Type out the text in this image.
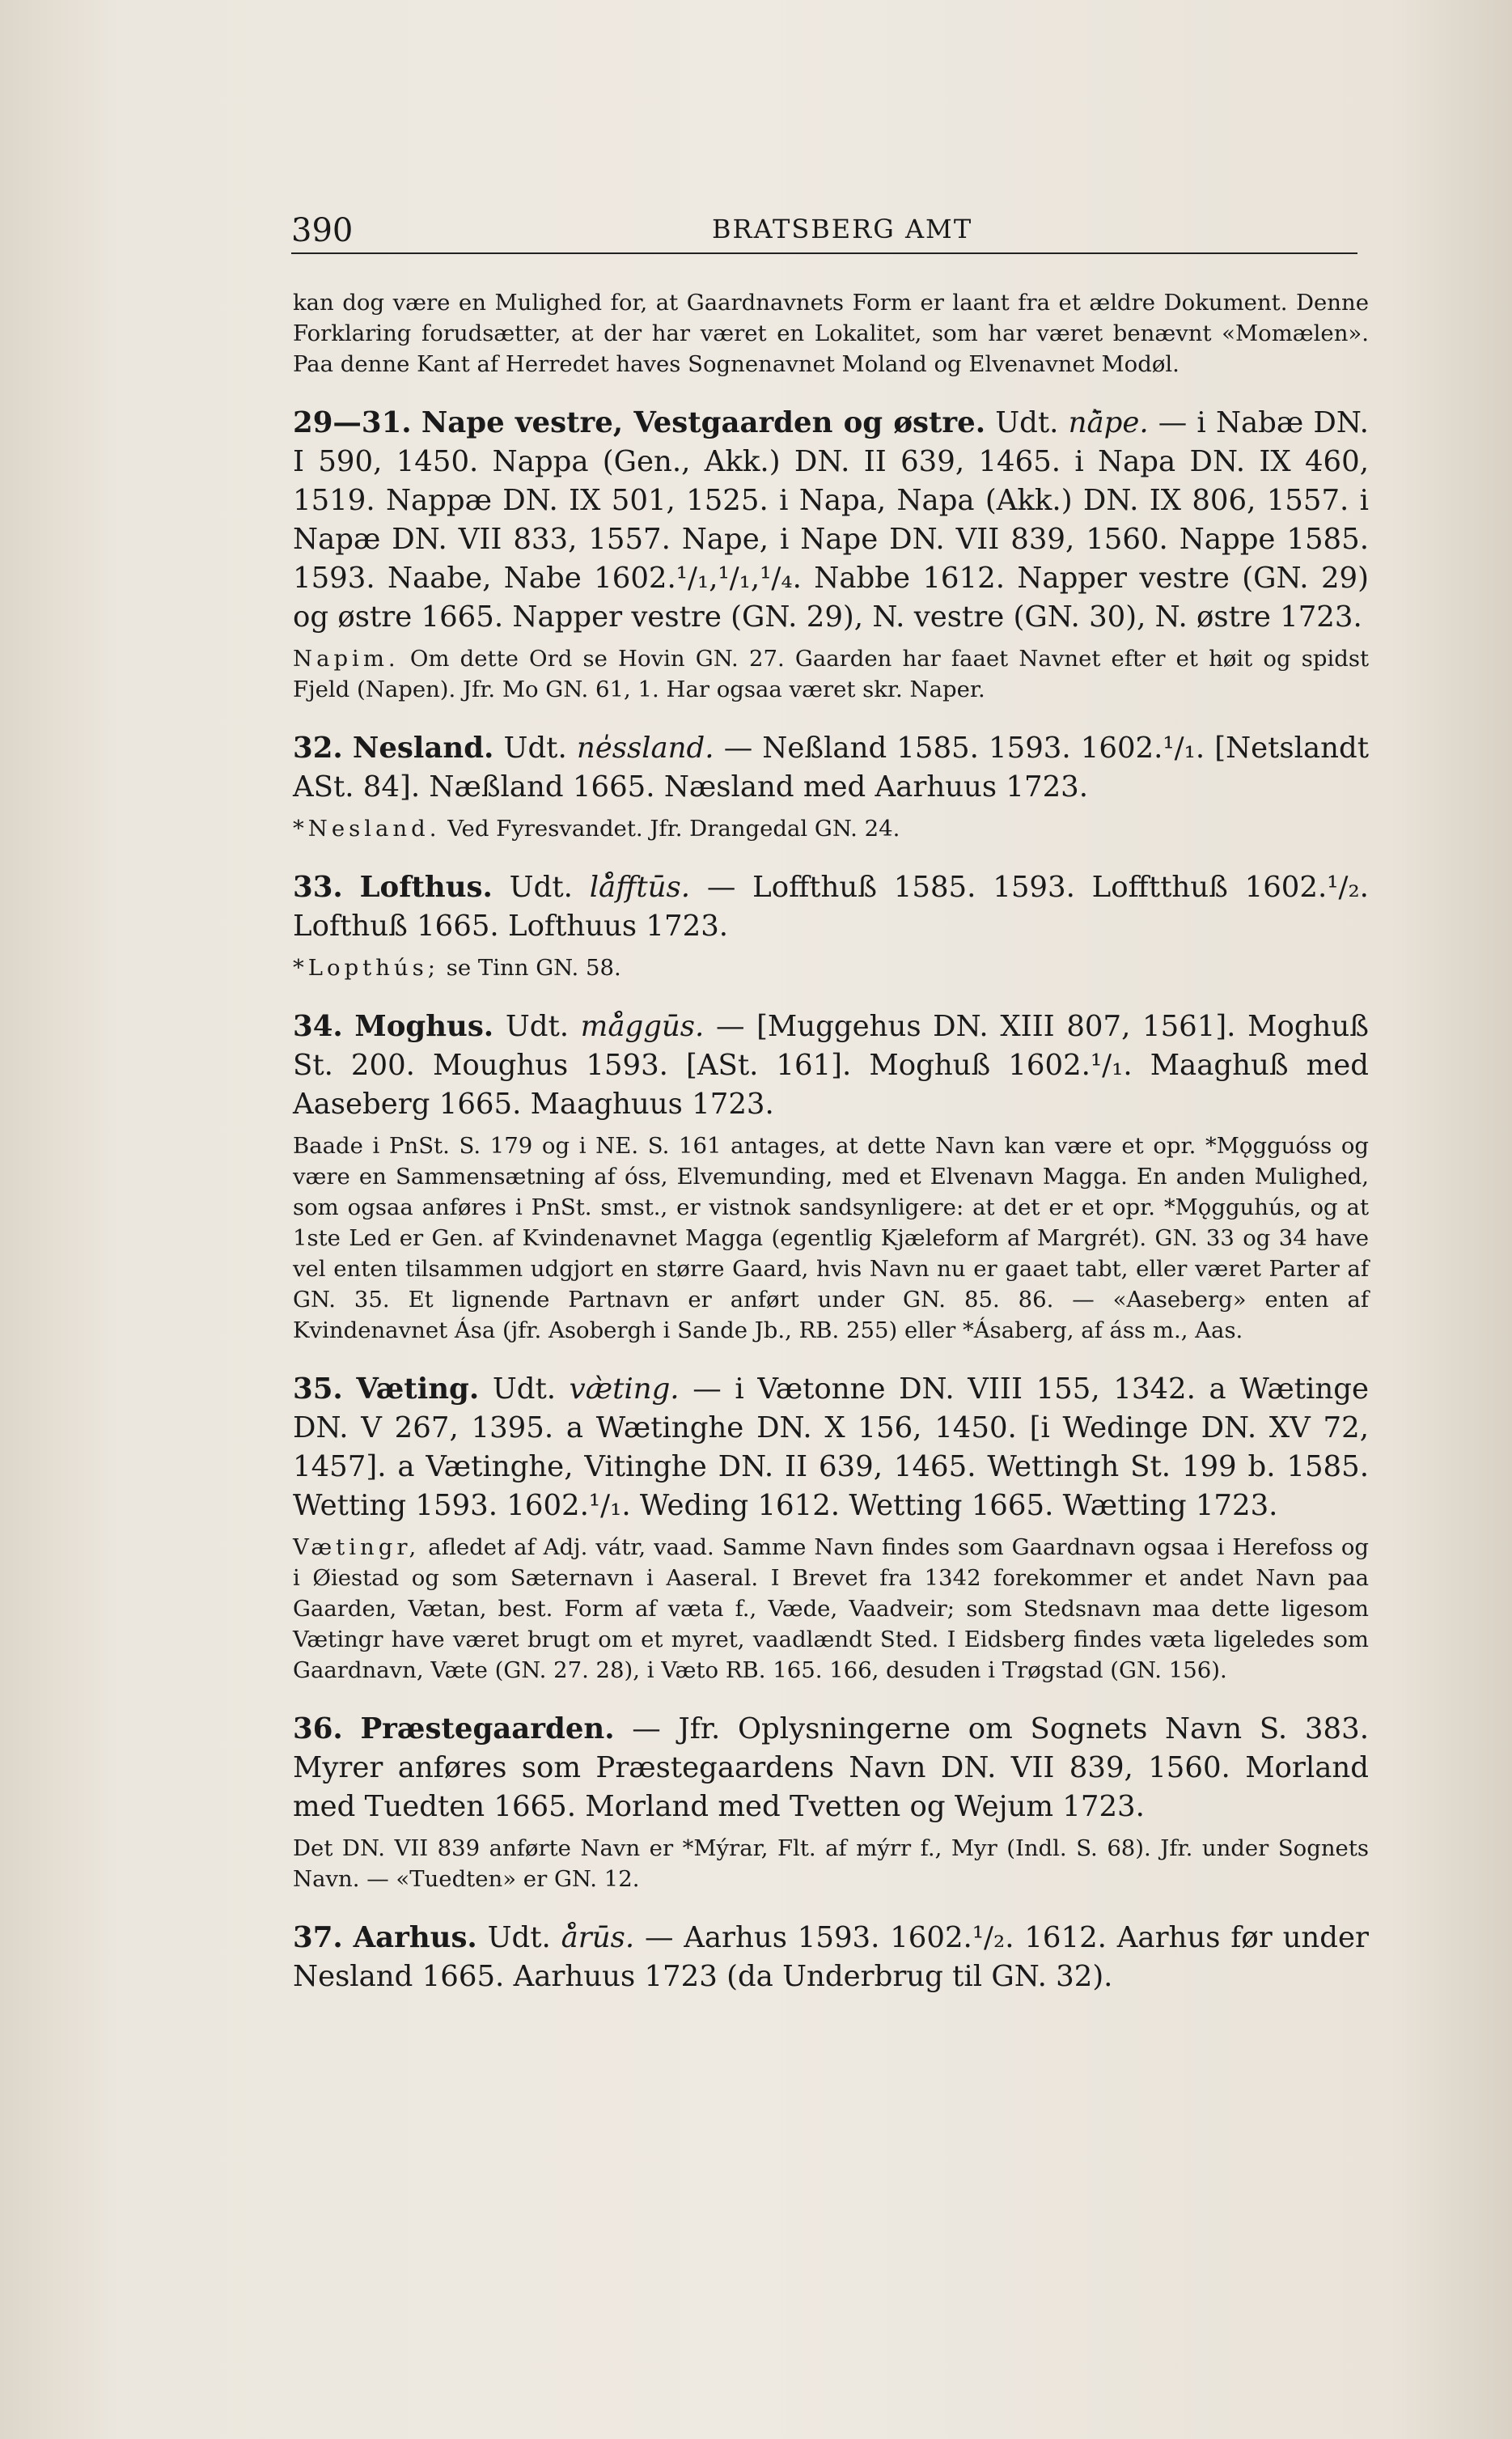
390	BRATSBERG AMT

kan dog være en Mulighed for, at Gaardnavnets Form er laant fra et ældre Dokument. Denne Forklaring forudsætter, at der har været en Lokalitet, som har været benævnt «Momælen». Paa denne Kant af Herredet haves Sognenavnet Moland og Elvenavnet Modøl.

29—31. Nape vestre, Vestgaarden og østre. Udt. nā̀pe. — i Nabæ DN. I 590, 1450. Nappa (Gen., Akk.) DN. II 639, 1465. i Napa DN. IX 460, 1519. Nappæ DN. IX 501, 1525. i Napa, Napa (Akk.) DN. IX 806, 1557. i Napæ DN. VII 833, 1557. Nape, i Nape DN. VII 839, 1560. Nappe 1585. 1593. Naabe, Nabe 1602.¹/₁,¹/₁,¹/₄. Nabbe 1612. Napper vestre (GN. 29) og østre 1665. Napper vestre (GN. 29), N. vestre (GN. 30), N. østre 1723.

Napim. Om dette Ord se Hovin GN. 27. Gaarden har faaet Navnet efter et høit og spidst Fjeld (Napen). Jfr. Mo GN. 61, 1. Har ogsaa været skr. Naper.

32. Nesland. Udt. ne̍ssland. — Neßland 1585. 1593. 1602.¹/₁. [Netslandt ASt. 84]. Næßland 1665. Næsland med Aarhuus 1723.

*Nesland. Ved Fyresvandet. Jfr. Drangedal GN. 24.

33. Lofthus. Udt. lå̀fftūs. — Loffthuß 1585. 1593. Lofftthuß 1602.¹/₂. Lofthuß 1665. Lofthuus 1723.

*Lopthús; se Tinn GN. 58.

34. Moghus. Udt. må̀ggūs. — [Muggehus DN. XIII 807, 1561]. Moghuß St. 200. Moughus 1593. [ASt. 161]. Moghuß 1602.¹/₁. Maaghuß med Aaseberg 1665. Maaghuus 1723.

Baade i PnSt. S. 179 og i NE. S. 161 antages, at dette Navn kan være et opr. *Mǫgguóss og være en Sammensætning af óss, Elvemunding, med et Elvenavn Magga. En anden Mulighed, som ogsaa anføres i PnSt. smst., er vistnok sandsynligere: at det er et opr. *Mǫgguhús, og at 1ste Led er Gen. af Kvindenavnet Magga (egentlig Kjæleform af Margrét). GN. 33 og 34 have vel enten tilsammen udgjort en større Gaard, hvis Navn nu er gaaet tabt, eller været Parter af GN. 35. Et lignende Partnavn er anført under GN. 85. 86. — «Aaseberg» enten af Kvindenavnet Ása (jfr. Asobergh i Sande Jb., RB. 255) eller *Ásaberg, af áss m., Aas.

35. Væting. Udt. væ̀ting. — i Vætonne DN. VIII 155, 1342. a Wætinge DN. V 267, 1395. a Wætinghe DN. X 156, 1450. [i Wedinge DN. XV 72, 1457]. a Vætinghe, Vitinghe DN. II 639, 1465. Wettingh St. 199 b. 1585. Wetting 1593. 1602.¹/₁. Weding 1612. Wetting 1665. Wætting 1723.

Vætingr, afledet af Adj. vátr, vaad. Samme Navn findes som Gaardnavn ogsaa i Herefoss og i Øiestad og som Sæternavn i Aaseral. I Brevet fra 1342 forekommer et andet Navn paa Gaarden, Vætan, best. Form af væta f., Væde, Vaadveir; som Stedsnavn maa dette ligesom Vætingr have været brugt om et myret, vaadlændt Sted. I Eidsberg findes væta ligeledes som Gaardnavn, Væte (GN. 27. 28), i Væto RB. 165. 166, desuden i Trøgstad (GN. 156).

36. Præstegaarden. — Jfr. Oplysningerne om Sognets Navn S. 383. Myrer anføres som Præstegaardens Navn DN. VII 839, 1560. Morland med Tuedten 1665. Morland med Tvetten og Wejum 1723.

Det DN. VII 839 anførte Navn er *Mýrar, Flt. af mýrr f., Myr (Indl. S. 68). Jfr. under Sognets Navn. — «Tuedten» er GN. 12.

37. Aarhus. Udt. å̀rūs. — Aarhus 1593. 1602.¹/₂. 1612. Aarhus før under Nesland 1665. Aarhuus 1723 (da Underbrug til GN. 32).
